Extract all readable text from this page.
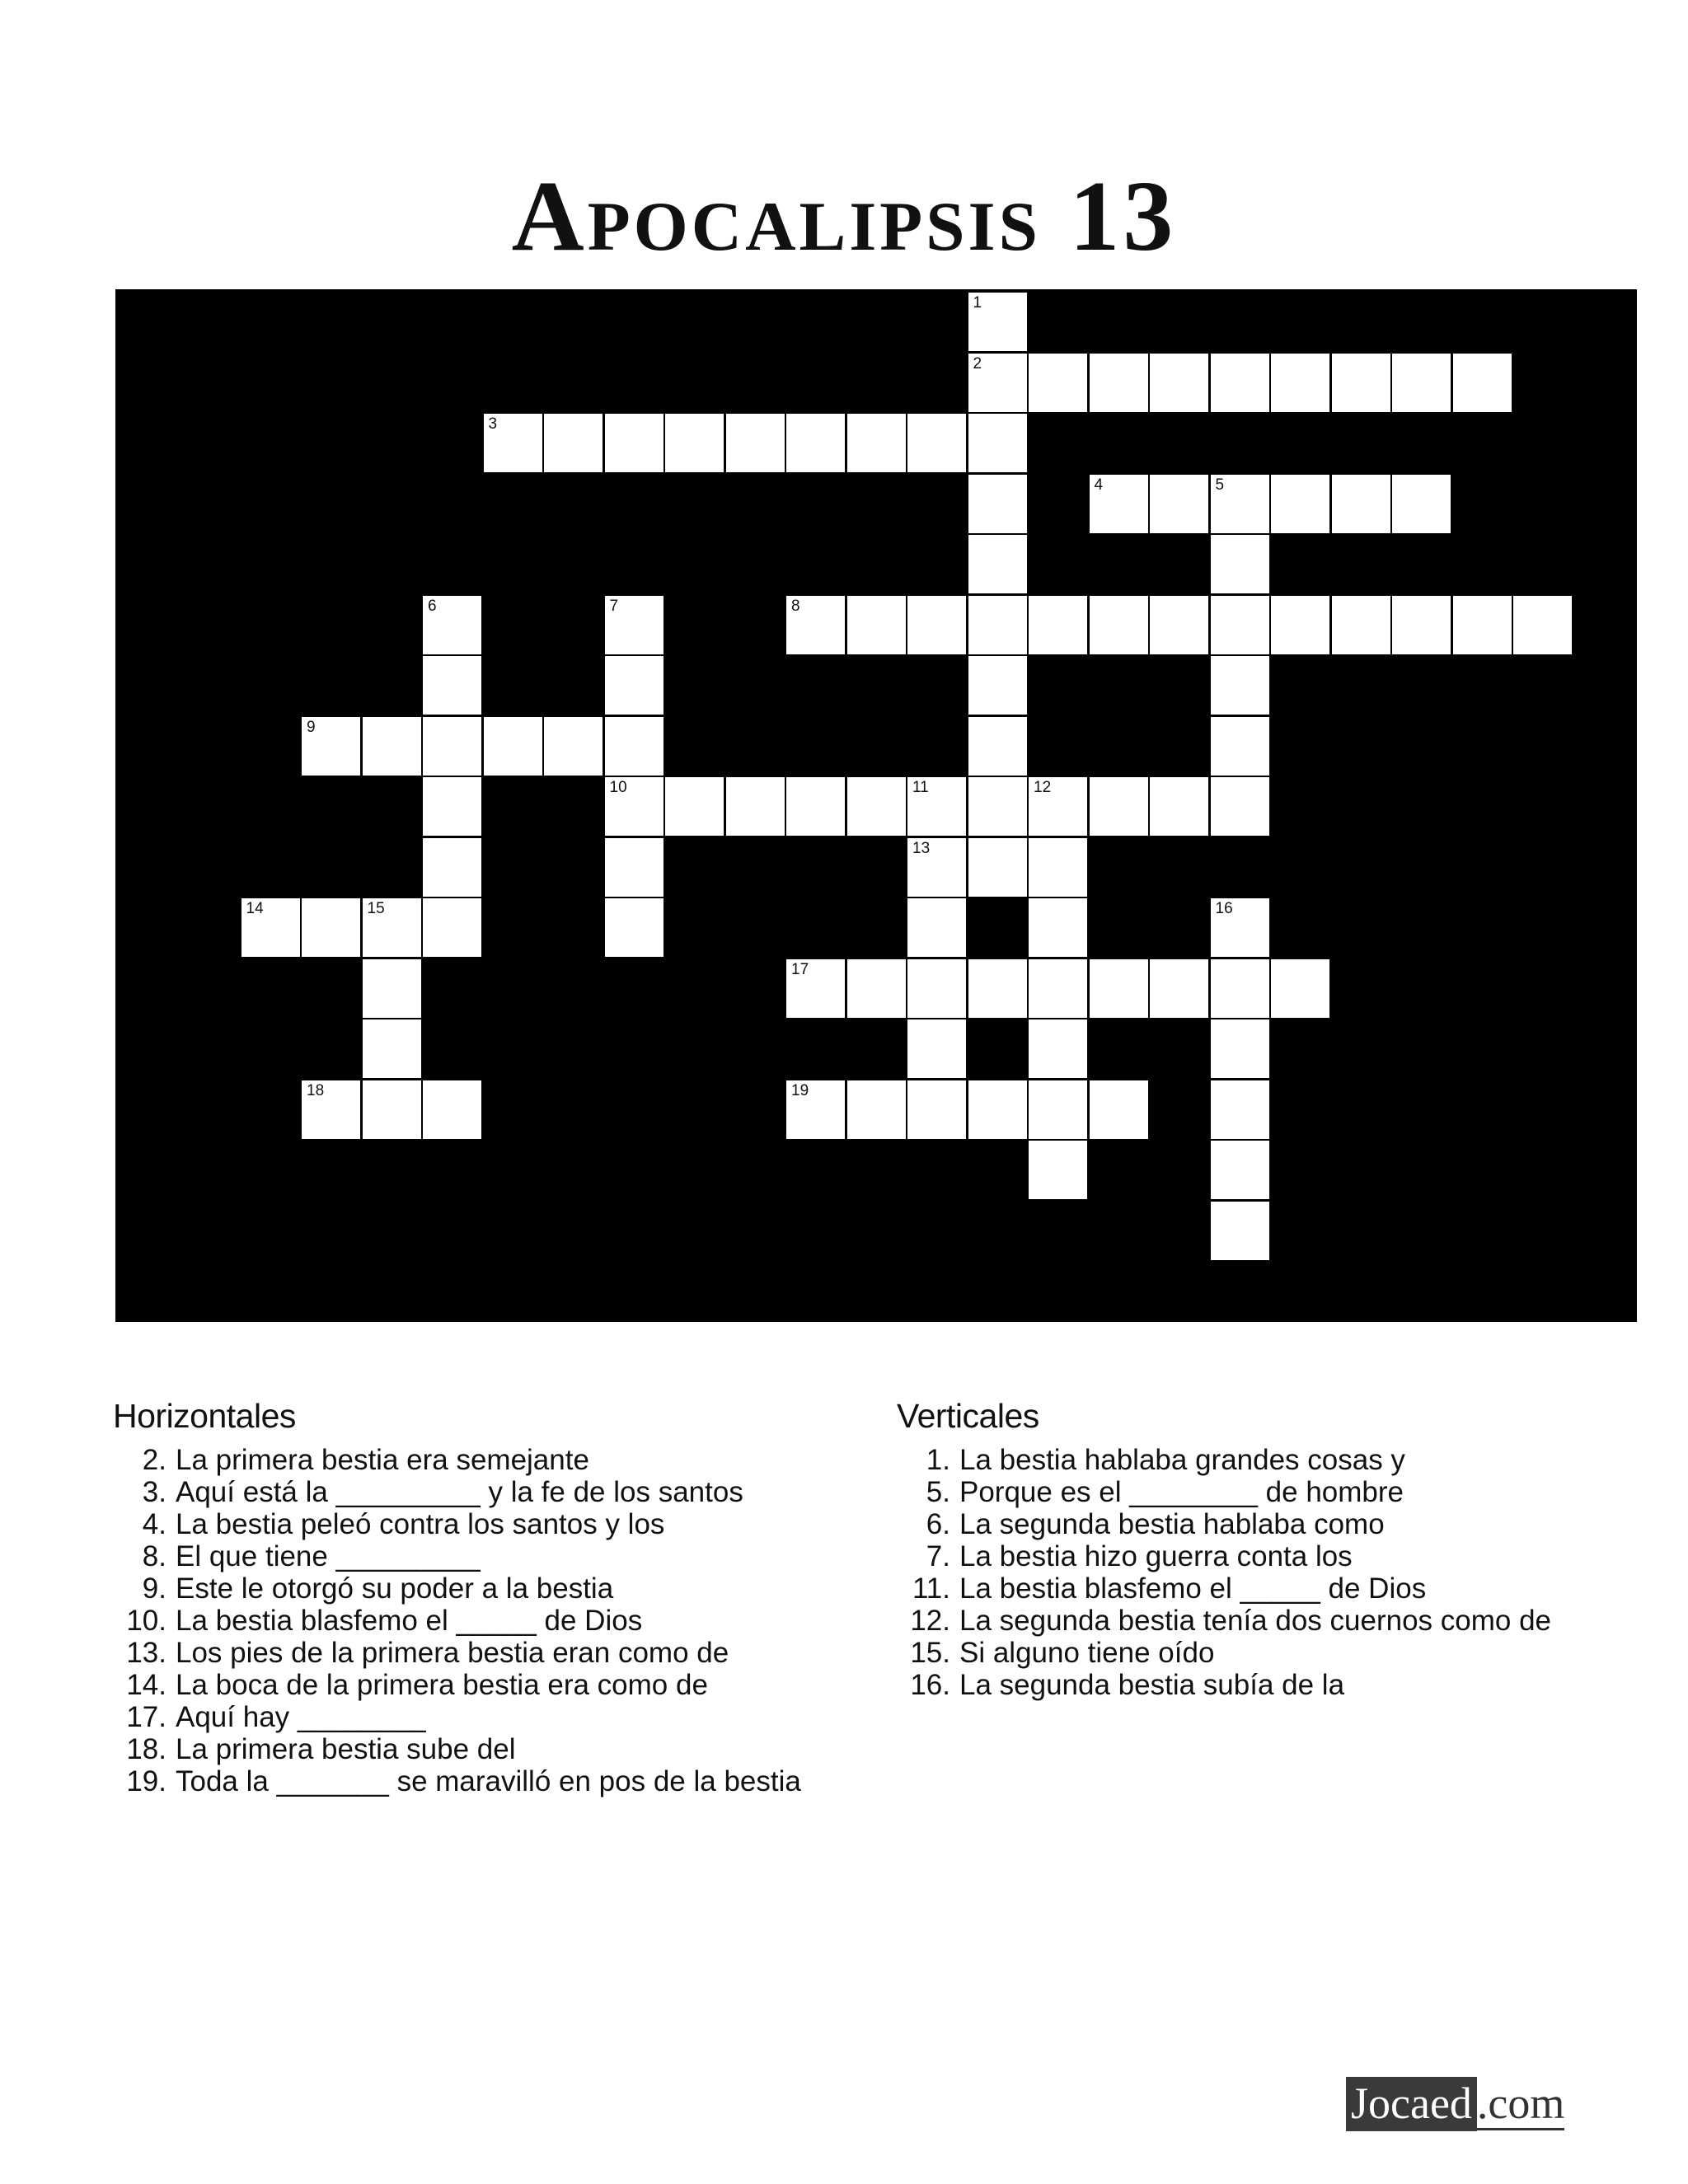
Apocalipsis 13
1
2
3
4	5
6	7	8
9
10	11	12
13
14	15	16
17
18	19
Horizontales
2. La primera bestia era semejante
3. Aquí está la _________ y la fe de los santos
4. La bestia peleó contra los santos y los
8. El que tiene _________
9. Este le otorgó su poder a la bestia
10. La bestia blasfemo el _____ de Dios
13. Los pies de la primera bestia eran como de
14. La boca de la primera bestia era como de
17. Aquí hay ________
18. La primera bestia sube del
19. Toda la _______ se maravilló en pos de la bestia
Verticales
1. La bestia hablaba grandes cosas y
5. Porque es el ________ de hombre
6. La segunda bestia hablaba como
7. La bestia hizo guerra conta los
11. La bestia blasfemo el _____ de Dios
12. La segunda bestia tenía dos cuernos como de
15. Si alguno tiene oído
16. La segunda bestia subía de la
Jocaed .com
